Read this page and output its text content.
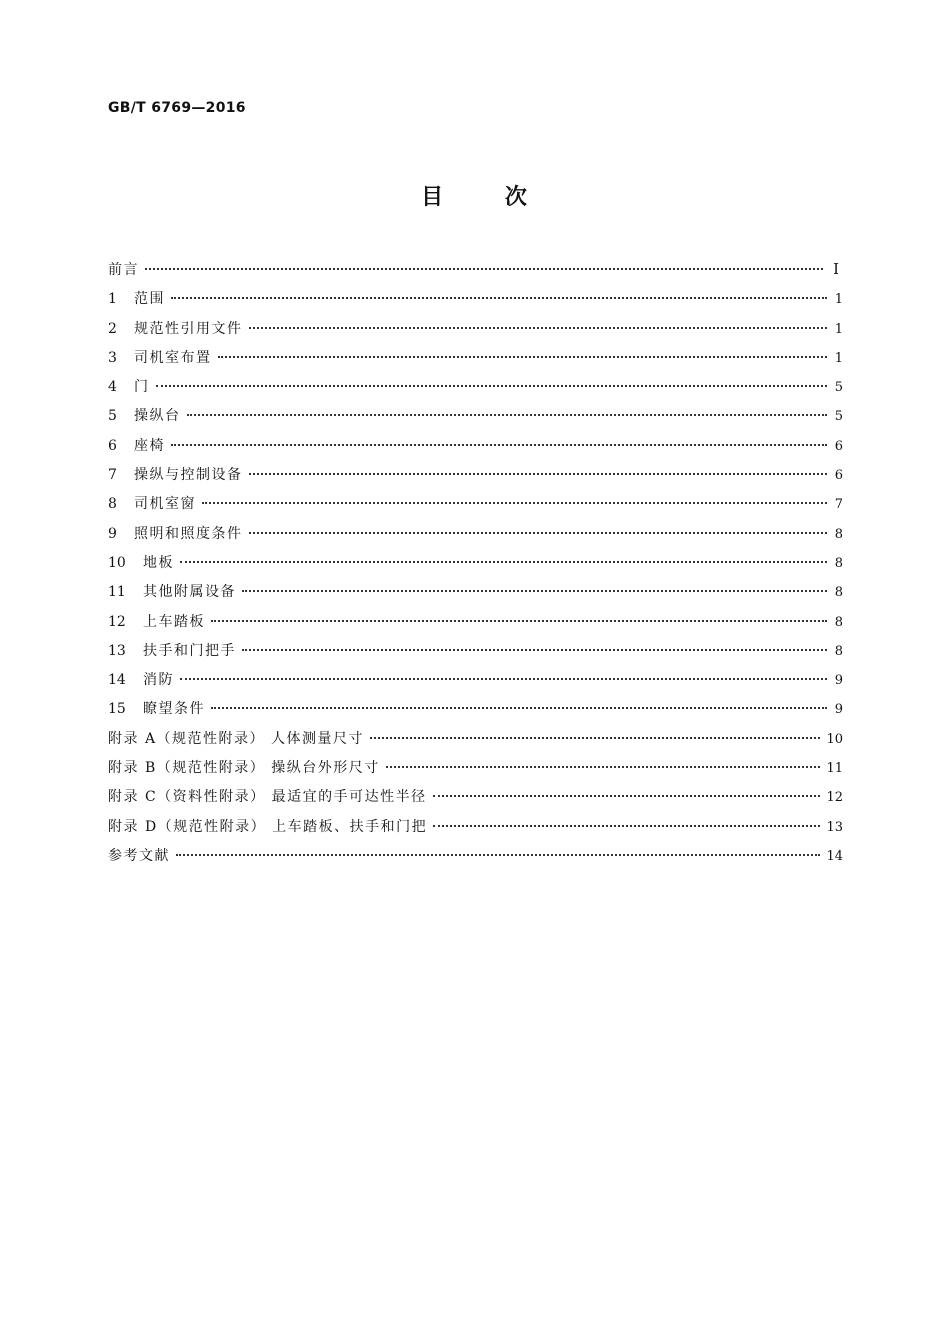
GB/T 6769—2016
目 次
前言	Ⅰ
1	范围	1
2	规范性引用文件	1
3	司机室布置	1
4	门	5
5	操纵台	5
6	座椅	6
7	操纵与控制设备	6
8	司机室窗	7
9	照明和照度条件	8
10	地板	8
11	其他附属设备	8
12	上车踏板	8
13	扶手和门把手	8
14	消防	9
15	瞭望条件	9
附录 A（规范性附录） 人体测量尺寸	10
附录 B（规范性附录） 操纵台外形尺寸	11
附录 C（资料性附录） 最适宜的手可达性半径	12
附录 D（规范性附录） 上车踏板、扶手和门把	13
参考文献	14
